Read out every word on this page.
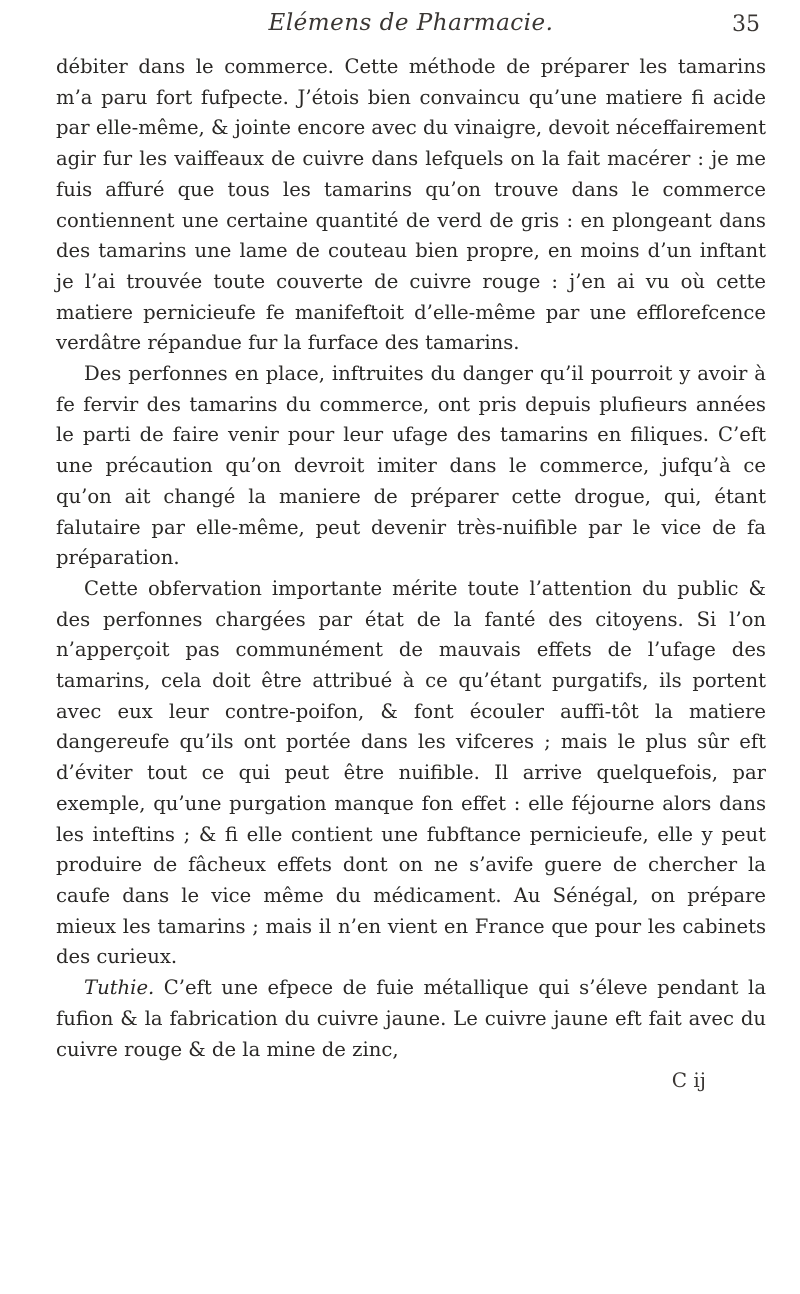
Elémens de Pharmacie.	35

débiter dans le commerce. Cette méthode de préparer les tamarins m’a paru fort fufpecte. J’étois bien convaincu qu’une matiere fi acide par elle-même, & jointe encore avec du vinaigre, devoit néceffairement agir fur les vaiffeaux de cuivre dans lefquels on la fait macérer : je me fuis affuré que tous les tamarins qu’on trouve dans le commerce contiennent une certaine quantité de verd de gris : en plongeant dans des tamarins une lame de couteau bien propre, en moins d’un inftant je l’ai trouvée toute couverte de cuivre rouge : j’en ai vu où cette matiere pernicieufe fe manifeftoit d’elle-même par une efflorefcence verdâtre répandue fur la furface des tamarins.

Des perfonnes en place, inftruites du danger qu’il pourroit y avoir à fe fervir des tamarins du commerce, ont pris depuis plufieurs années le parti de faire venir pour leur ufage des tamarins en filiques. C’eft une précaution qu’on devroit imiter dans le commerce, jufqu’à ce qu’on ait changé la maniere de préparer cette drogue, qui, étant falutaire par elle-même, peut devenir très-nuifible par le vice de fa préparation.

Cette obfervation importante mérite toute l’attention du public & des perfonnes chargées par état de la fanté des citoyens. Si l’on n’apperçoit pas communément de mauvais effets de l’ufage des tamarins, cela doit être attribué à ce qu’étant purgatifs, ils portent avec eux leur contre-poifon, & font écouler auffi-tôt la matiere dangereufe qu’ils ont portée dans les vifceres ; mais le plus sûr eft d’éviter tout ce qui peut être nuifible. Il arrive quelquefois, par exemple, qu’une purgation manque fon effet : elle féjourne alors dans les inteftins ; & fi elle contient une fubftance pernicieufe, elle y peut produire de fâcheux effets dont on ne s’avife guere de chercher la caufe dans le vice même du médicament. Au Sénégal, on prépare mieux les tamarins ; mais il n’en vient en France que pour les cabinets des curieux.

Tuthie. C’eft une efpece de fuie métallique qui s’éleve pendant la fufion & la fabrication du cuivre jaune. Le cuivre jaune eft fait avec du cuivre rouge & de la mine de zinc,

C ij
